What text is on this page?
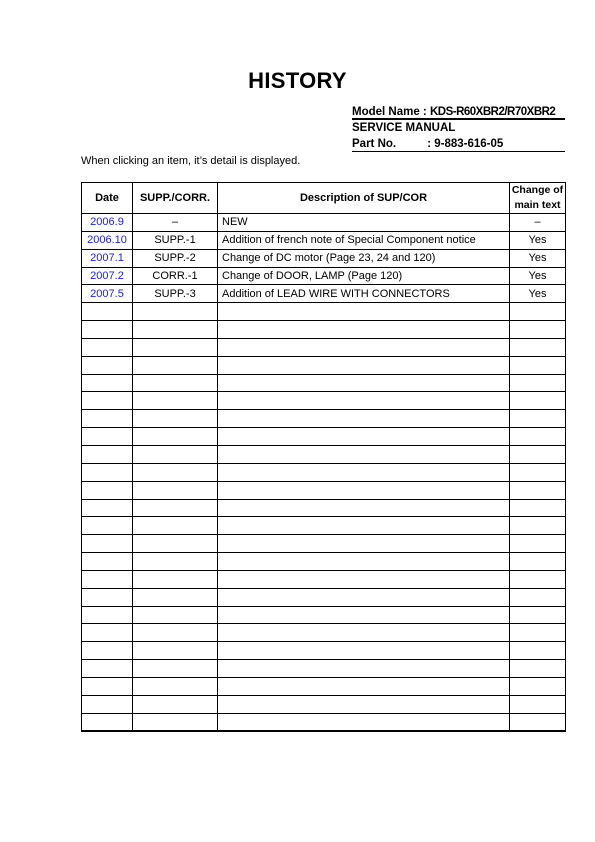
HISTORY
Model Name : KDS-R60XBR2/R70XBR2
SERVICE MANUAL
Part No.	: 9-883-616-05
When clicking an item, it’s detail is displayed.
Date	SUPP./CORR.	Description of SUP/COR	Change of
main text
2006.9	–	NEW	–
2006.10	SUPP.-1	Addition of french note of Special Component notice	Yes
2007.1	SUPP.-2	Change of DC motor (Page 23, 24 and 120)	Yes
2007.2	CORR.-1	Change of DOOR, LAMP (Page 120)	Yes
2007.5	SUPP.-3	Addition of LEAD WIRE WITH CONNECTORS	Yes
